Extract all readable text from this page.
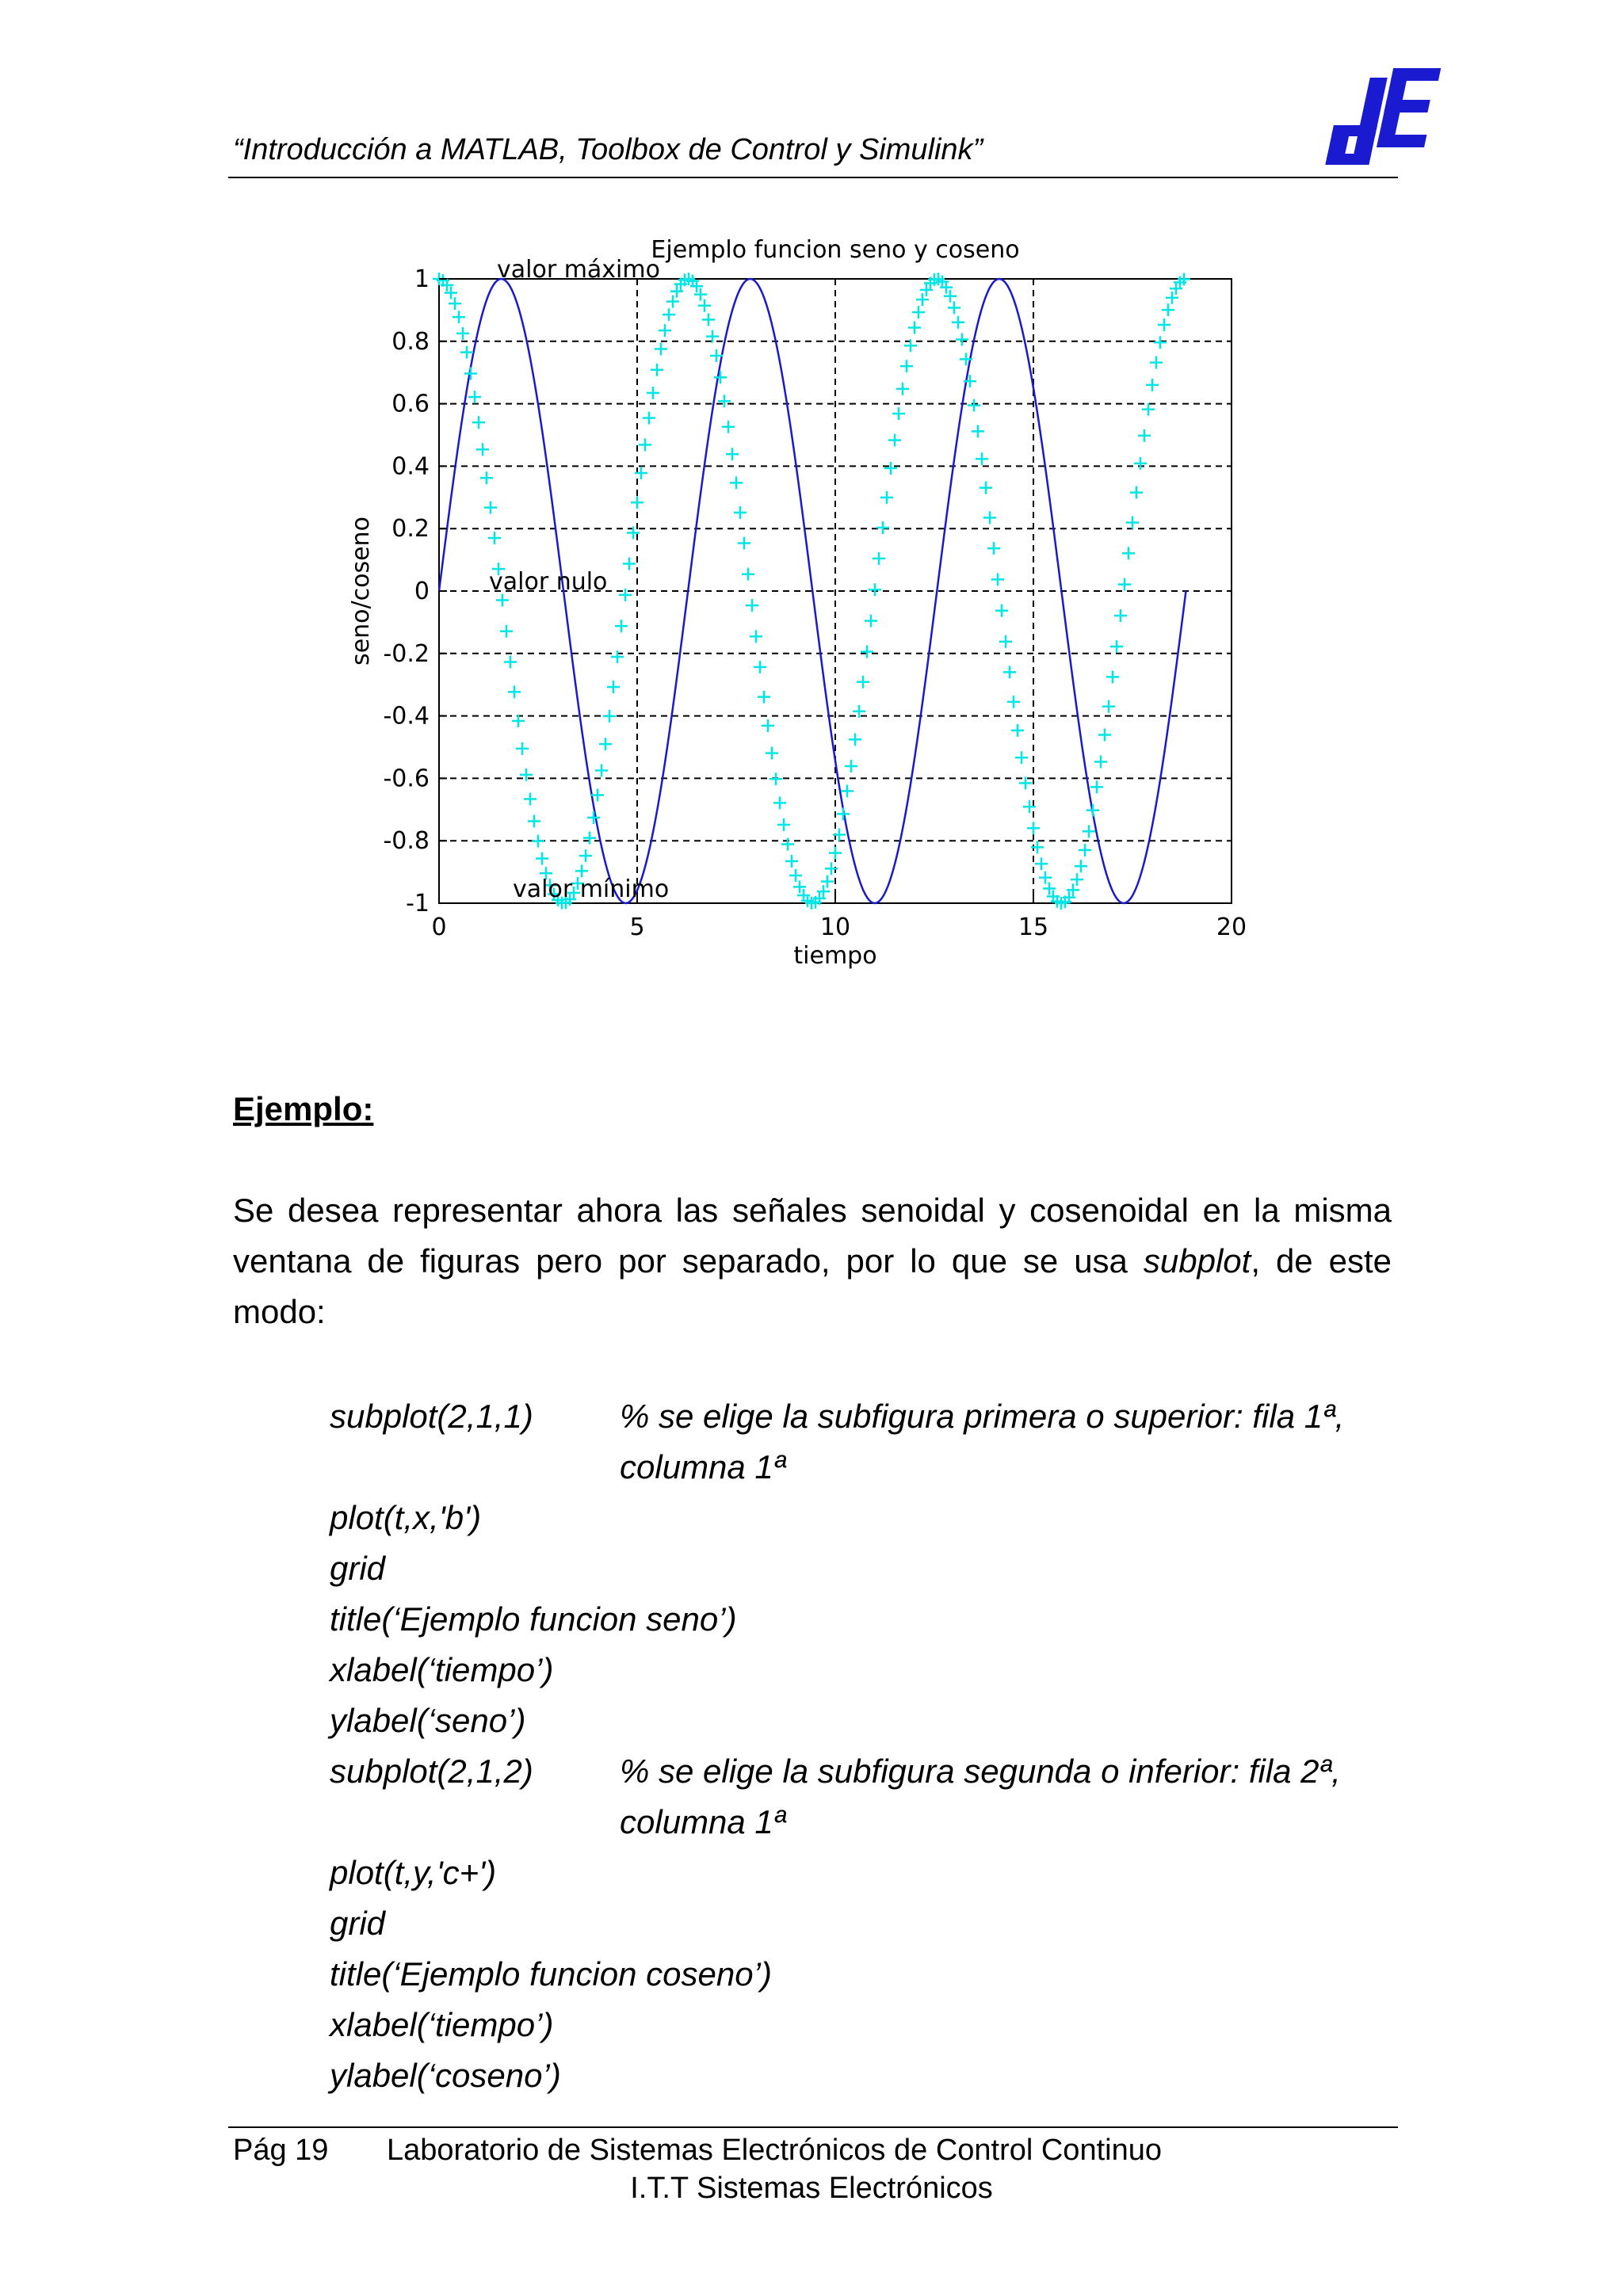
“Introducción a MATLAB, Toolbox de Control y Simulink”
0	5	10	15	20
1
0.8
0.6
0.4
0.2
0
-0.2
-0.4
-0.6
-0.8
-1
Ejemplo funcion seno y coseno
tiempo
seno/coseno
valor máximo
valor nulo
valor mínimo
Ejemplo:
Se desea representar ahora las señales senoidal y cosenoidal en la misma ventana de figuras pero por separado, por lo que se usa subplot, de este modo:
subplot(2,1,1)	% se elige la subfigura primera o superior: fila 1ª, columna 1ª
plot(t,x,'b')
grid
title(‘Ejemplo funcion seno’)
xlabel(‘tiempo’)
ylabel(‘seno’)
subplot(2,1,2)	% se elige la subfigura segunda o inferior: fila 2ª, columna 1ª
plot(t,y,'c+')
grid
title(‘Ejemplo funcion coseno’)
xlabel(‘tiempo’)
ylabel(‘coseno’)
Pág 19 Laboratorio de Sistemas Electrónicos de Control Continuo
I.T.T Sistemas Electrónicos
